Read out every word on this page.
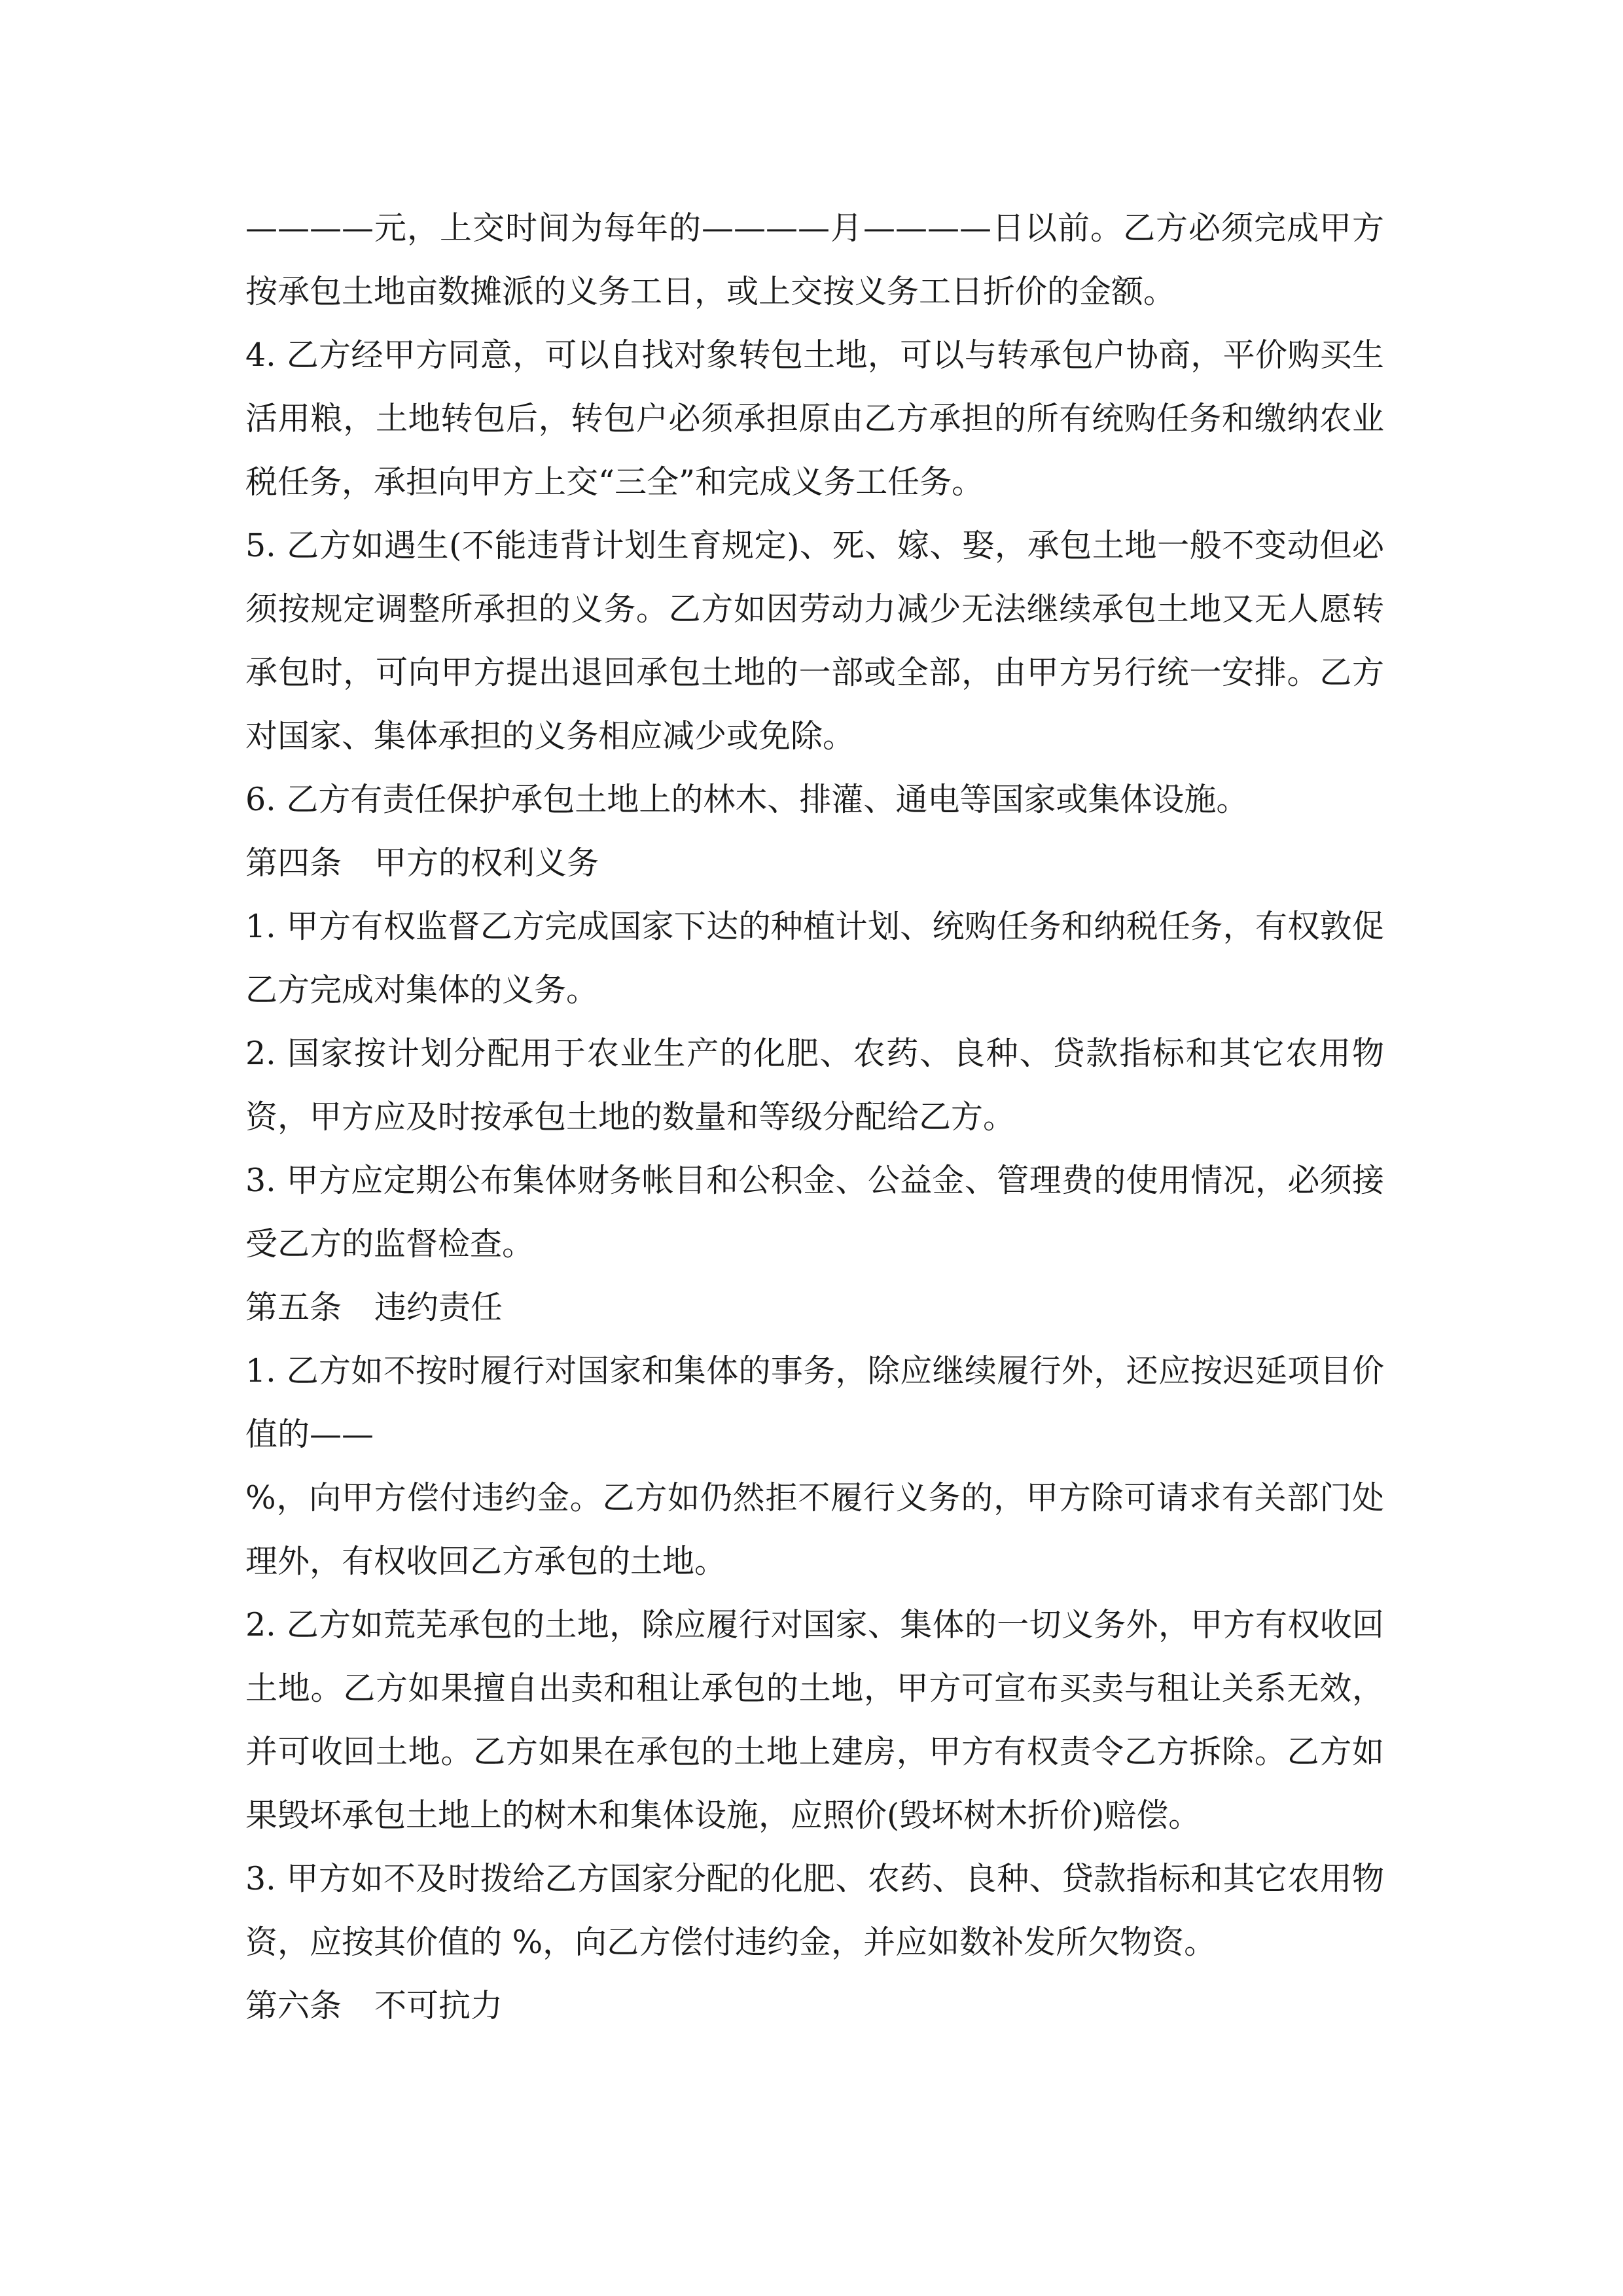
————元，上交时间为每年的————月————日以前。乙方必须完成甲方按承包土地亩数摊派的义务工日，或上交按义务工日折价的金额。

4. 乙方经甲方同意，可以自找对象转包土地，可以与转承包户协商，平价购买生活用粮，土地转包后，转包户必须承担原由乙方承担的所有统购任务和缴纳农业税任务，承担向甲方上交“三全”和完成义务工任务。

5. 乙方如遇生(不能违背计划生育规定)、死、嫁、娶，承包土地一般不变动但必须按规定调整所承担的义务。乙方如因劳动力减少无法继续承包土地又无人愿转承包时，可向甲方提出退回承包土地的一部或全部，由甲方另行统一安排。乙方对国家、集体承担的义务相应减少或免除。

6. 乙方有责任保护承包土地上的林木、排灌、通电等国家或集体设施。

第四条 甲方的权利义务

1. 甲方有权监督乙方完成国家下达的种植计划、统购任务和纳税任务，有权敦促乙方完成对集体的义务。

2. 国家按计划分配用于农业生产的化肥、农药、良种、贷款指标和其它农用物资，甲方应及时按承包土地的数量和等级分配给乙方。

3. 甲方应定期公布集体财务帐目和公积金、公益金、管理费的使用情况，必须接受乙方的监督检查。

第五条 违约责任

1. 乙方如不按时履行对国家和集体的事务，除应继续履行外，还应按迟延项目价值的——

%，向甲方偿付违约金。乙方如仍然拒不履行义务的，甲方除可请求有关部门处理外，有权收回乙方承包的土地。

2. 乙方如荒芜承包的土地，除应履行对国家、集体的一切义务外，甲方有权收回土地。乙方如果擅自出卖和租让承包的土地，甲方可宣布买卖与租让关系无效，并可收回土地。乙方如果在承包的土地上建房，甲方有权责令乙方拆除。乙方如果毁坏承包土地上的树木和集体设施，应照价(毁坏树木折价)赔偿。

3. 甲方如不及时拨给乙方国家分配的化肥、农药、良种、贷款指标和其它农用物资，应按其价值的 %，向乙方偿付违约金，并应如数补发所欠物资。

第六条 不可抗力
